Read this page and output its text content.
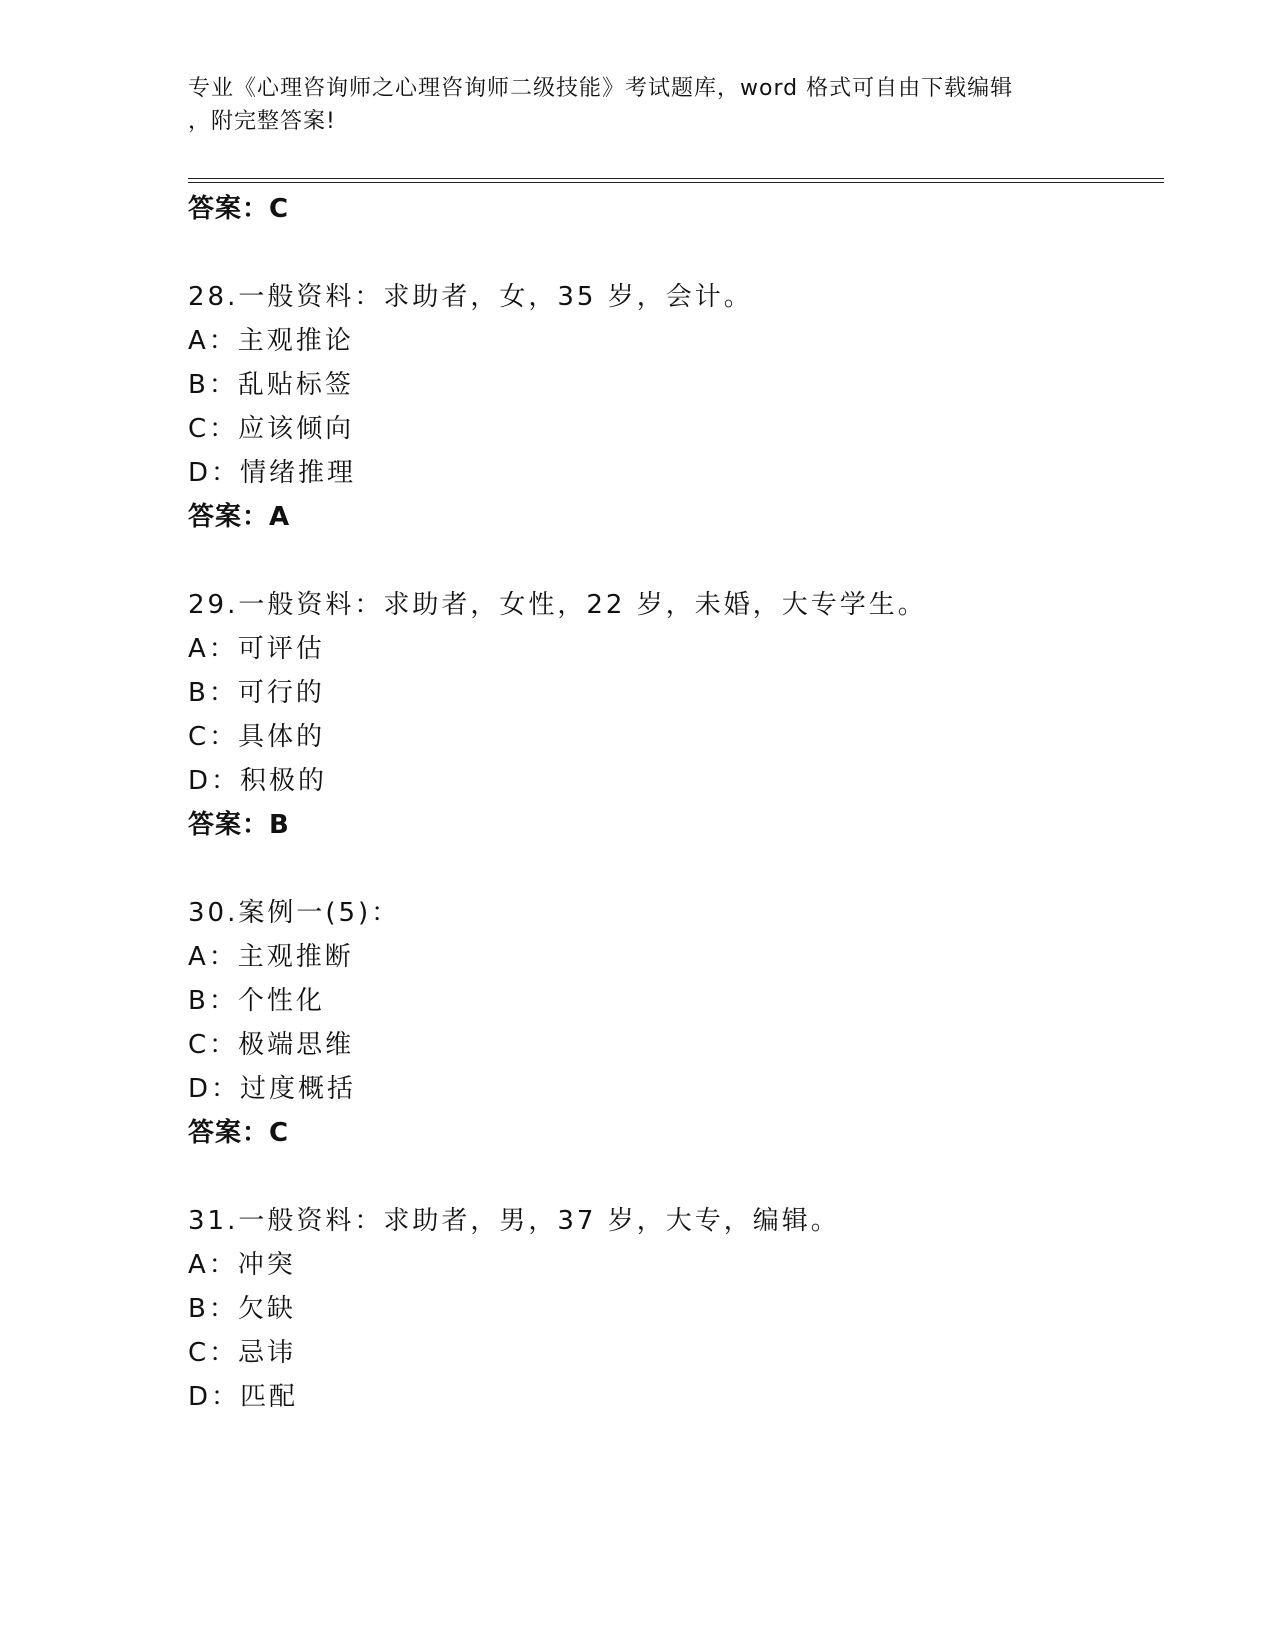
专业《心理咨询师之心理咨询师二级技能》考试题库，word 格式可自由下载编辑
，附完整答案!
答案：C
28.一般资料：求助者，女，35 岁，会计。
A：主观推论
B：乱贴标签
C：应该倾向
D：情绪推理
答案：A
29.一般资料：求助者，女性，22 岁，未婚，大专学生。
A：可评估
B：可行的
C：具体的
D：积极的
答案：B
30.案例一(5)：
A：主观推断
B：个性化
C：极端思维
D：过度概括
答案：C
31.一般资料：求助者，男，37 岁，大专，编辑。
A：冲突
B：欠缺
C：忌讳
D：匹配
